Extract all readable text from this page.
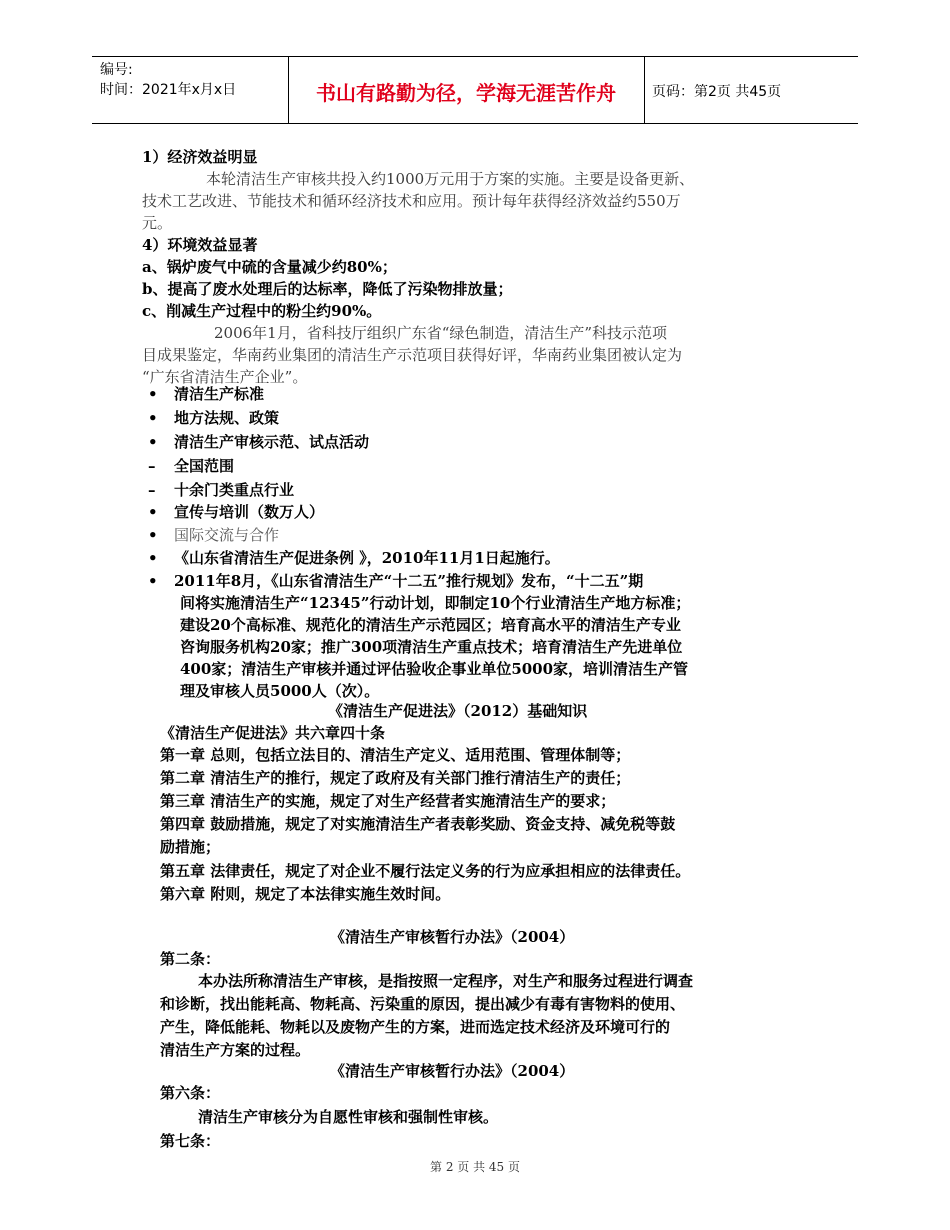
编号:
时间：2021年x月x日	书山有路勤为径，学海无涯苦作舟	页码：第2页 共45页
1）经济效益明显
本轮清洁生产审核共投入约1000万元用于方案的实施。主要是设备更新、
技术工艺改进、节能技术和循环经济技术和应用。预计每年获得经济效益约550万
元。
4）环境效益显著
a、锅炉废气中硫的含量减少约80%；
b、提高了废水处理后的达标率，降低了污染物排放量；
c、削减生产过程中的粉尘约90%。
2006年1月，省科技厅组织广东省“绿色制造，清洁生产”科技示范项
目成果鉴定，华南药业集团的清洁生产示范项目获得好评，华南药业集团被认定为
“广东省清洁生产企业”。
• 清洁生产标准
• 地方法规、政策
• 清洁生产审核示范、试点活动
– 全国范围
– 十余门类重点行业
• 宣传与培训（数万人）
• 国际交流与合作
• 《山东省清洁生产促进条例 》，2010年11月1日起施行。
• 2011年8月，《山东省清洁生产“十二五”推行规划》发布，“十二五”期
间将实施清洁生产“12345”行动计划，即制定10个行业清洁生产地方标准；
建设20个高标准、规范化的清洁生产示范园区；培育高水平的清洁生产专业
咨询服务机构20家；推广300项清洁生产重点技术；培育清洁生产先进单位
400家；清洁生产审核并通过评估验收企事业单位5000家，培训清洁生产管
理及审核人员5000人（次）。
《清洁生产促进法》（2012）基础知识
《清洁生产促进法》共六章四十条
第一章 总则，包括立法目的、清洁生产定义、适用范围、管理体制等；
第二章 清洁生产的推行，规定了政府及有关部门推行清洁生产的责任；
第三章 清洁生产的实施，规定了对生产经营者实施清洁生产的要求；
第四章 鼓励措施，规定了对实施清洁生产者表彰奖励、资金支持、减免税等鼓
励措施；
第五章 法律责任，规定了对企业不履行法定义务的行为应承担相应的法律责任。
第六章 附则，规定了本法律实施生效时间。
《清洁生产审核暂行办法》（2004）
第二条：
本办法所称清洁生产审核，是指按照一定程序，对生产和服务过程进行调查
和诊断，找出能耗高、物耗高、污染重的原因，提出减少有毒有害物料的使用、
产生，降低能耗、物耗以及废物产生的方案，进而选定技术经济及环境可行的
清洁生产方案的过程。
《清洁生产审核暂行办法》（2004）
第六条：
清洁生产审核分为自愿性审核和强制性审核。
第七条：
第 2 页 共 45 页
